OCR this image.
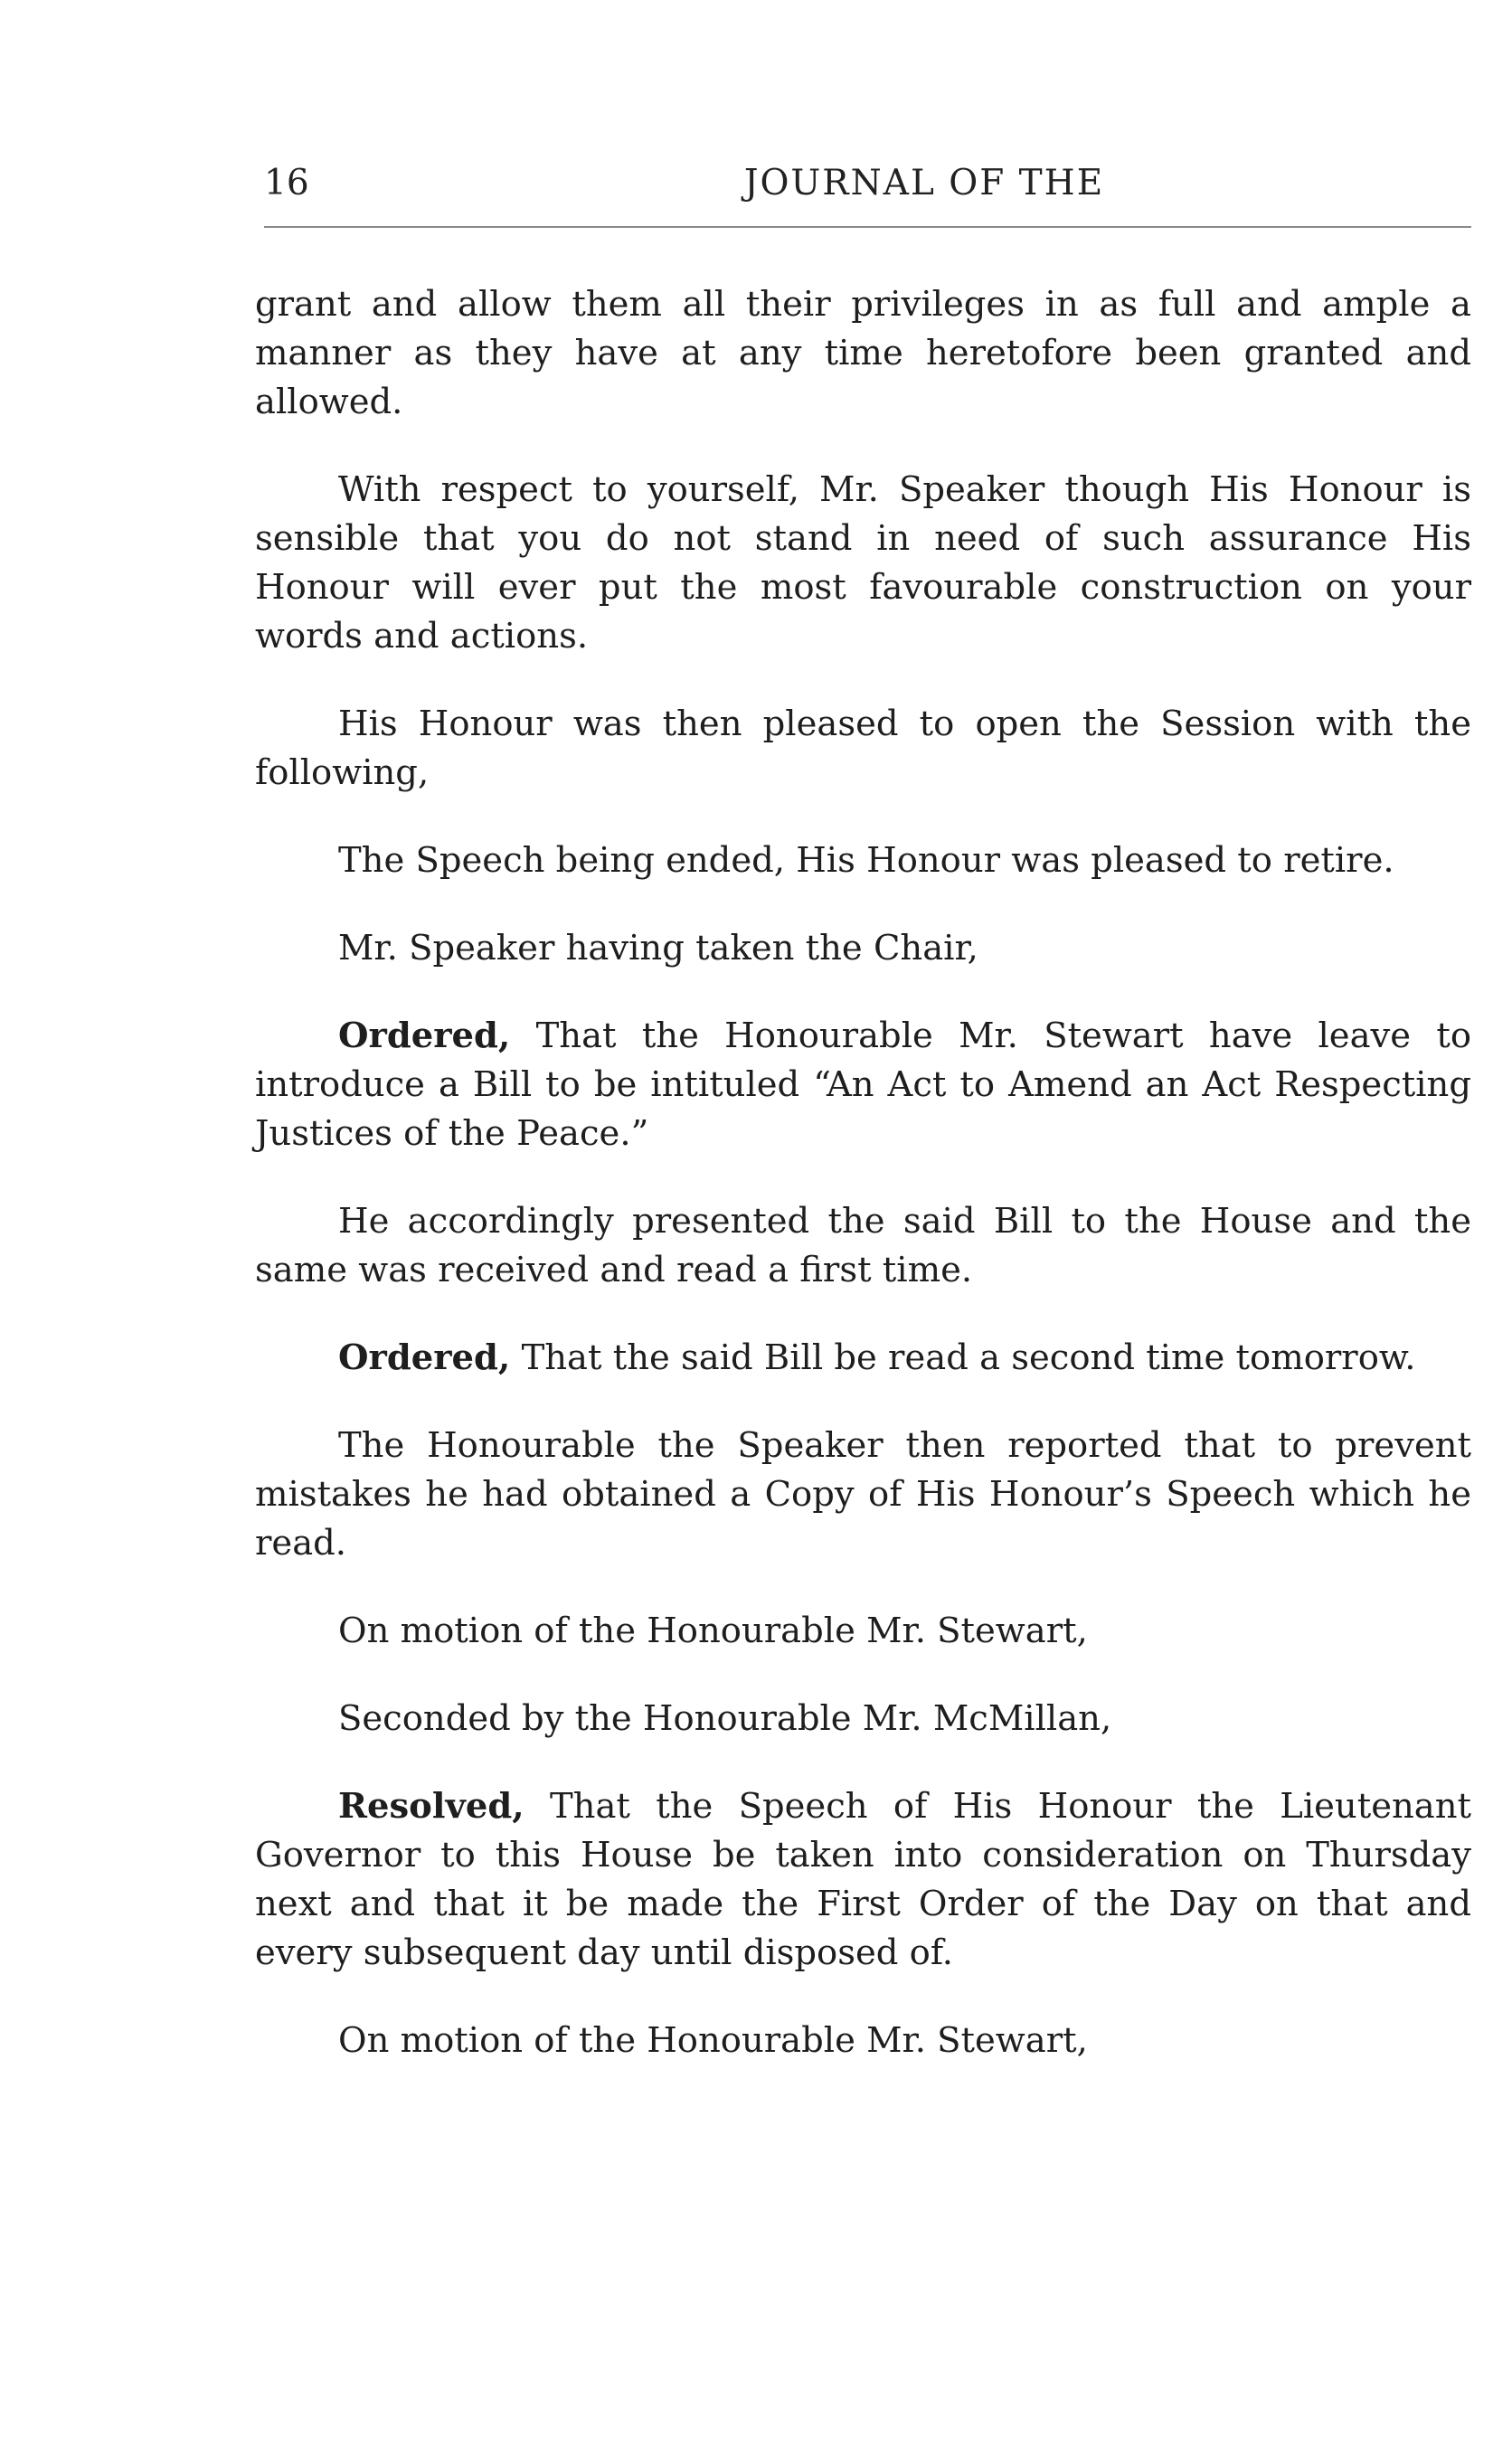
16	JOURNAL OF THE

grant and allow them all their privileges in as full and ample a manner as they have at any time heretofore been granted and allowed.

With respect to yourself, Mr. Speaker though His Honour is sensible that you do not stand in need of such assurance His Honour will ever put the most favourable construction on your words and actions.

His Honour was then pleased to open the Session with the following,

The Speech being ended, His Honour was pleased to retire.

Mr. Speaker having taken the Chair,

Ordered, That the Honourable Mr. Stewart have leave to introduce a Bill to be intituled “An Act to Amend an Act Respecting Justices of the Peace.”

He accordingly presented the said Bill to the House and the same was received and read a first time.

Ordered, That the said Bill be read a second time tomorrow.

The Honourable the Speaker then reported that to prevent mistakes he had obtained a Copy of His Honour’s Speech which he read.

On motion of the Honourable Mr. Stewart,

Seconded by the Honourable Mr. McMillan,

Resolved, That the Speech of His Honour the Lieutenant Governor to this House be taken into consideration on Thursday next and that it be made the First Order of the Day on that and every subsequent day until disposed of.

On motion of the Honourable Mr. Stewart,
